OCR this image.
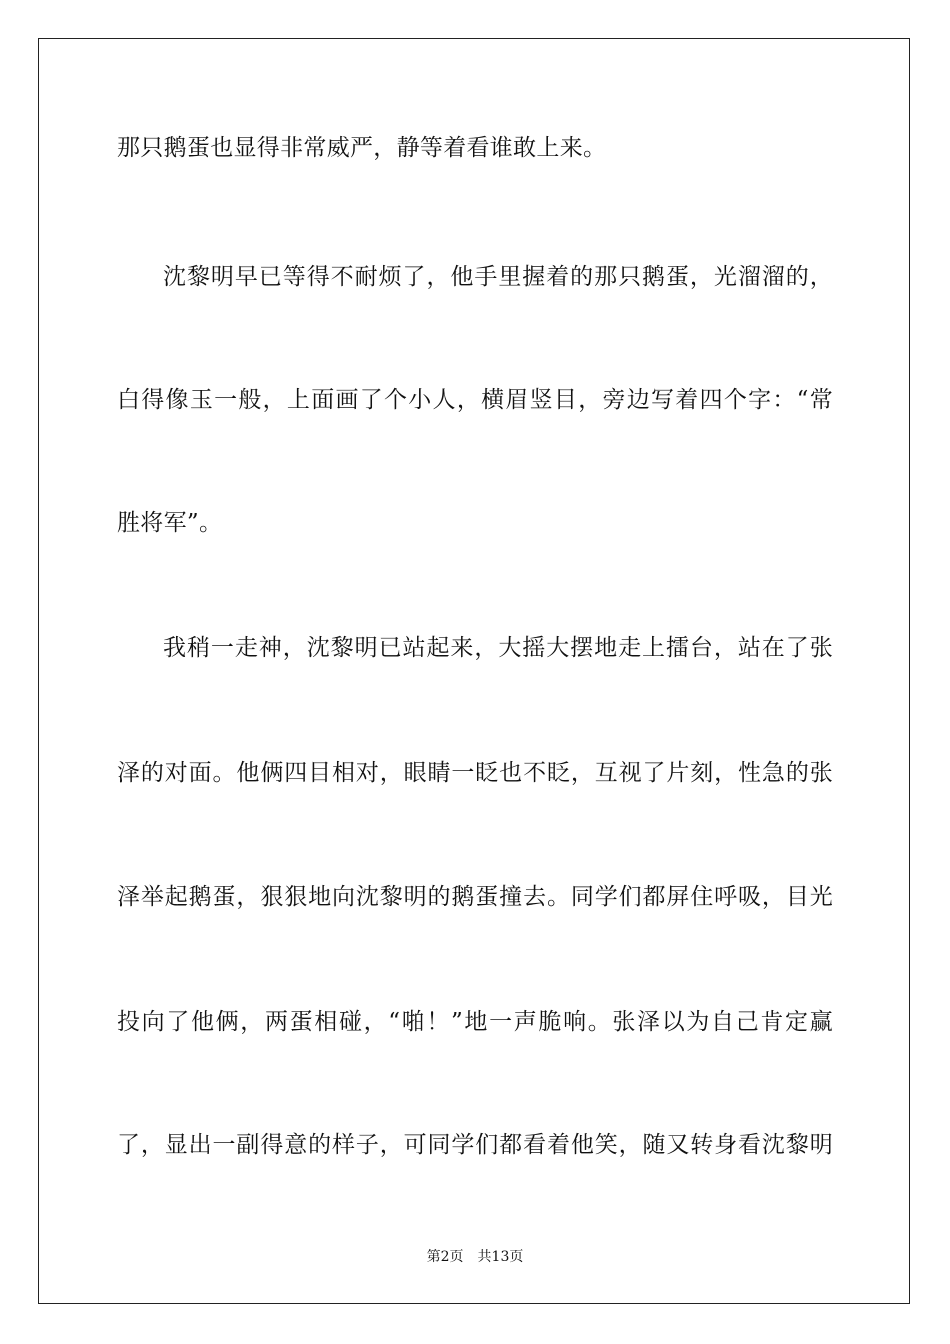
那只鹅蛋也显得非常威严，静等着看谁敢上来。
沈黎明早已等得不耐烦了，他手里握着的那只鹅蛋，光溜溜的，
白得像玉一般，上面画了个小人，横眉竖目，旁边写着四个字：“常
胜将军”。
我稍一走神，沈黎明已站起来，大摇大摆地走上擂台，站在了张
泽的对面。他俩四目相对，眼睛一眨也不眨，互视了片刻，性急的张
泽举起鹅蛋，狠狠地向沈黎明的鹅蛋撞去。同学们都屏住呼吸，目光
投向了他俩，两蛋相碰，“啪！”地一声脆响。张泽以为自己肯定赢
了，显出一副得意的样子，可同学们都看着他笑，随又转身看沈黎明
第2页 共13页
